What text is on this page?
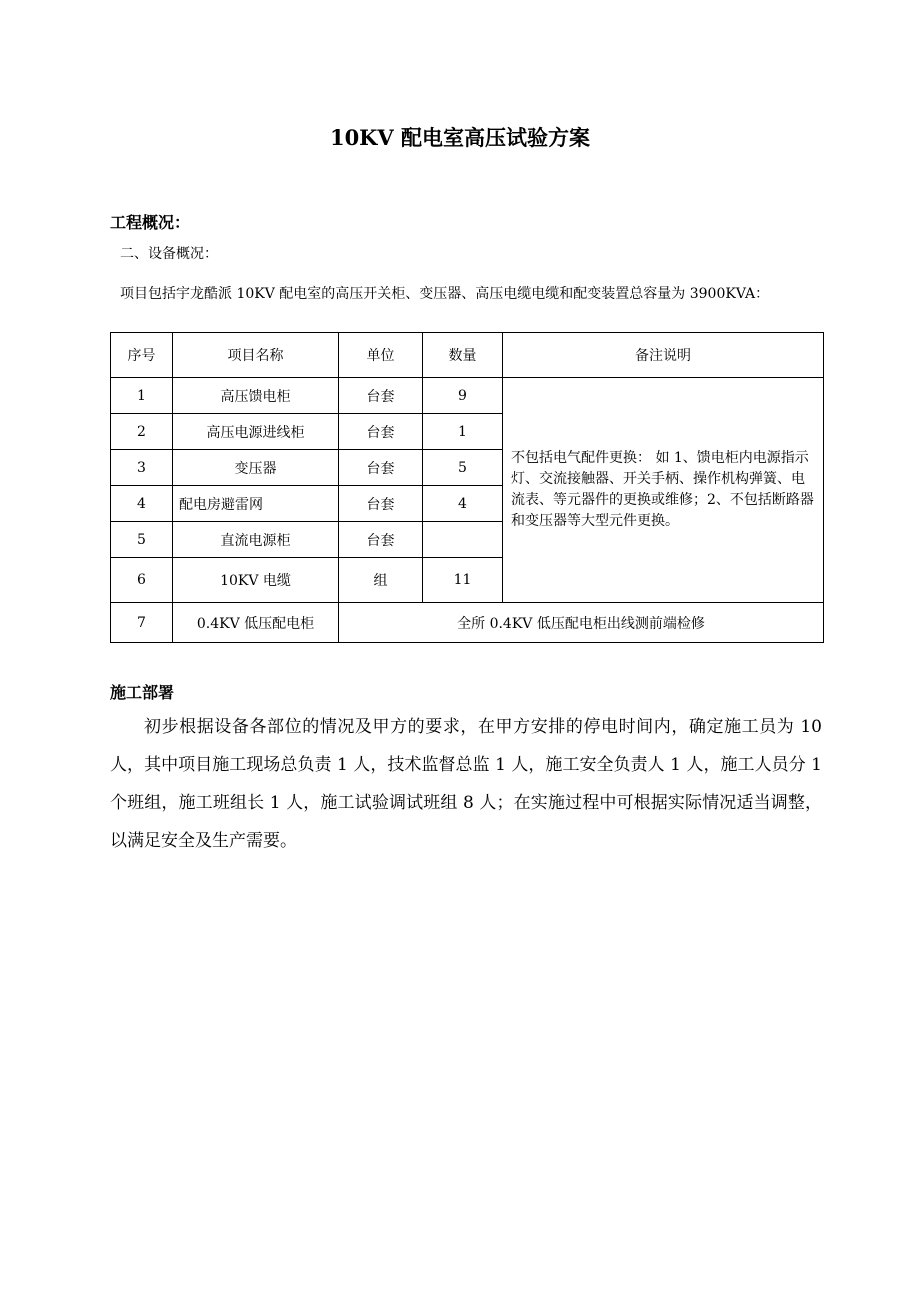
10KV 配电室高压试验方案
工程概况：
二、设备概况：
项目包括宇龙酷派 10KV 配电室的高压开关柜、变压器、高压电缆电缆和配变装置总容量为 3900KVA：
序号	项目名称	单位	数量	备注说明
1	高压馈电柜	台套	9	不包括电气配件更换： 如 1、馈电柜内电源指示灯、交流接触器、开关手柄、操作机构弹簧、电流表、等元器件的更换或维修；2、不包括断路器和变压器等大型元件更换。
2	高压电源进线柜	台套	1	
3	变压器	台套	5	
4	配电房避雷网	台套	4	
5	直流电源柜	台套		
6	10KV 电缆	组	11	
7	0.4KV 低压配电柜	全所 0.4KV 低压配电柜出线测前端检修		
施工部署
初步根据设备各部位的情况及甲方的要求，在甲方安排的停电时间内，确定施工员为 10 人，其中项目施工现场总负责 1 人，技术监督总监 1 人，施工安全负责人 1 人，施工人员分 1 个班组，施工班组长 1 人，施工试验调试班组 8 人；在实施过程中可根据实际情况适当调整，以满足安全及生产需要。
